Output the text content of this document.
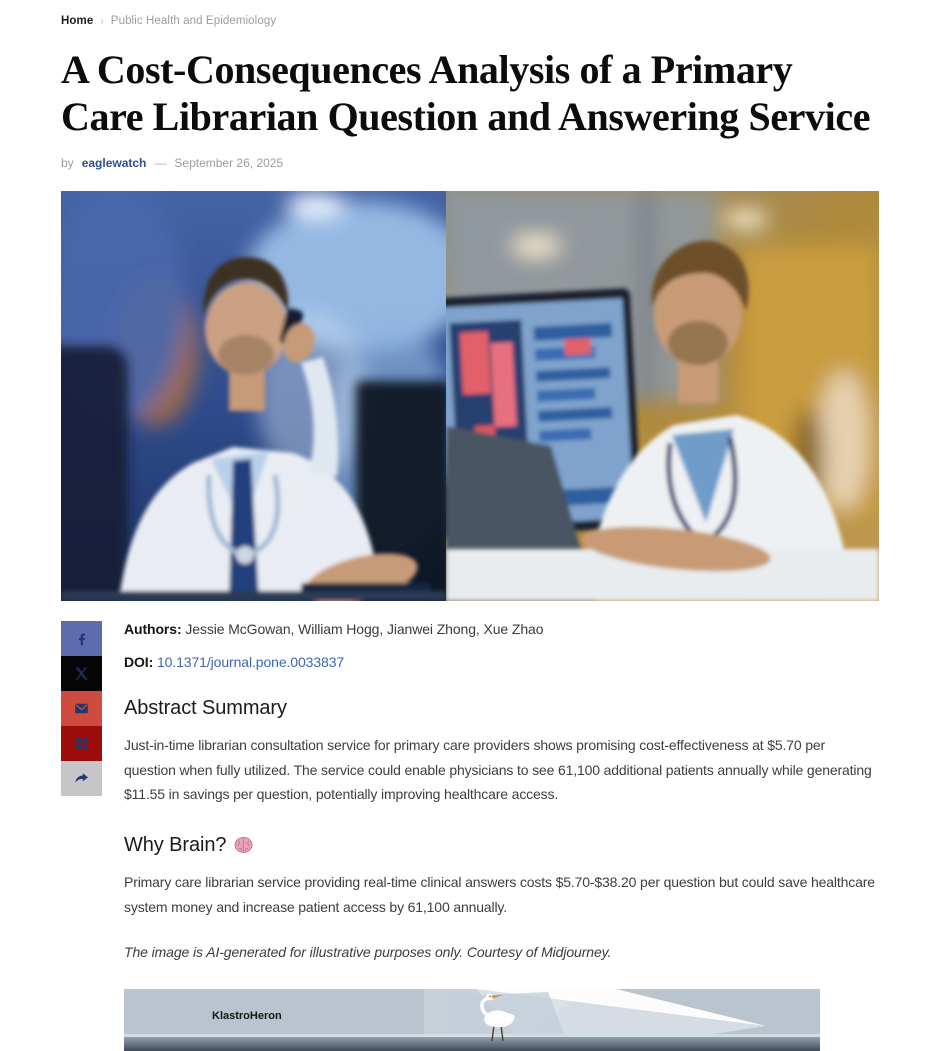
Home › Public Health and Epidemiology
A Cost-Consequences Analysis of a Primary Care Librarian Question and Answering Service
by eaglewatch — September 26, 2025

Authors: Jessie McGowan, William Hogg, Jianwei Zhong, Xue Zhao

DOI: 10.1371/journal.pone.0033837

Abstract Summary

Just-in-time librarian consultation service for primary care providers shows promising cost-effectiveness at $5.70 per question when fully utilized. The service could enable physicians to see 61,100 additional patients annually while generating $11.55 in savings per question, potentially improving healthcare access.

Why Brain?

Primary care librarian service providing real-time clinical answers costs $5.70-$38.20 per question but could save healthcare system money and increase patient access by 61,100 annually.

The image is AI-generated for illustrative purposes only. Courtesy of Midjourney.

KlastroHeron
